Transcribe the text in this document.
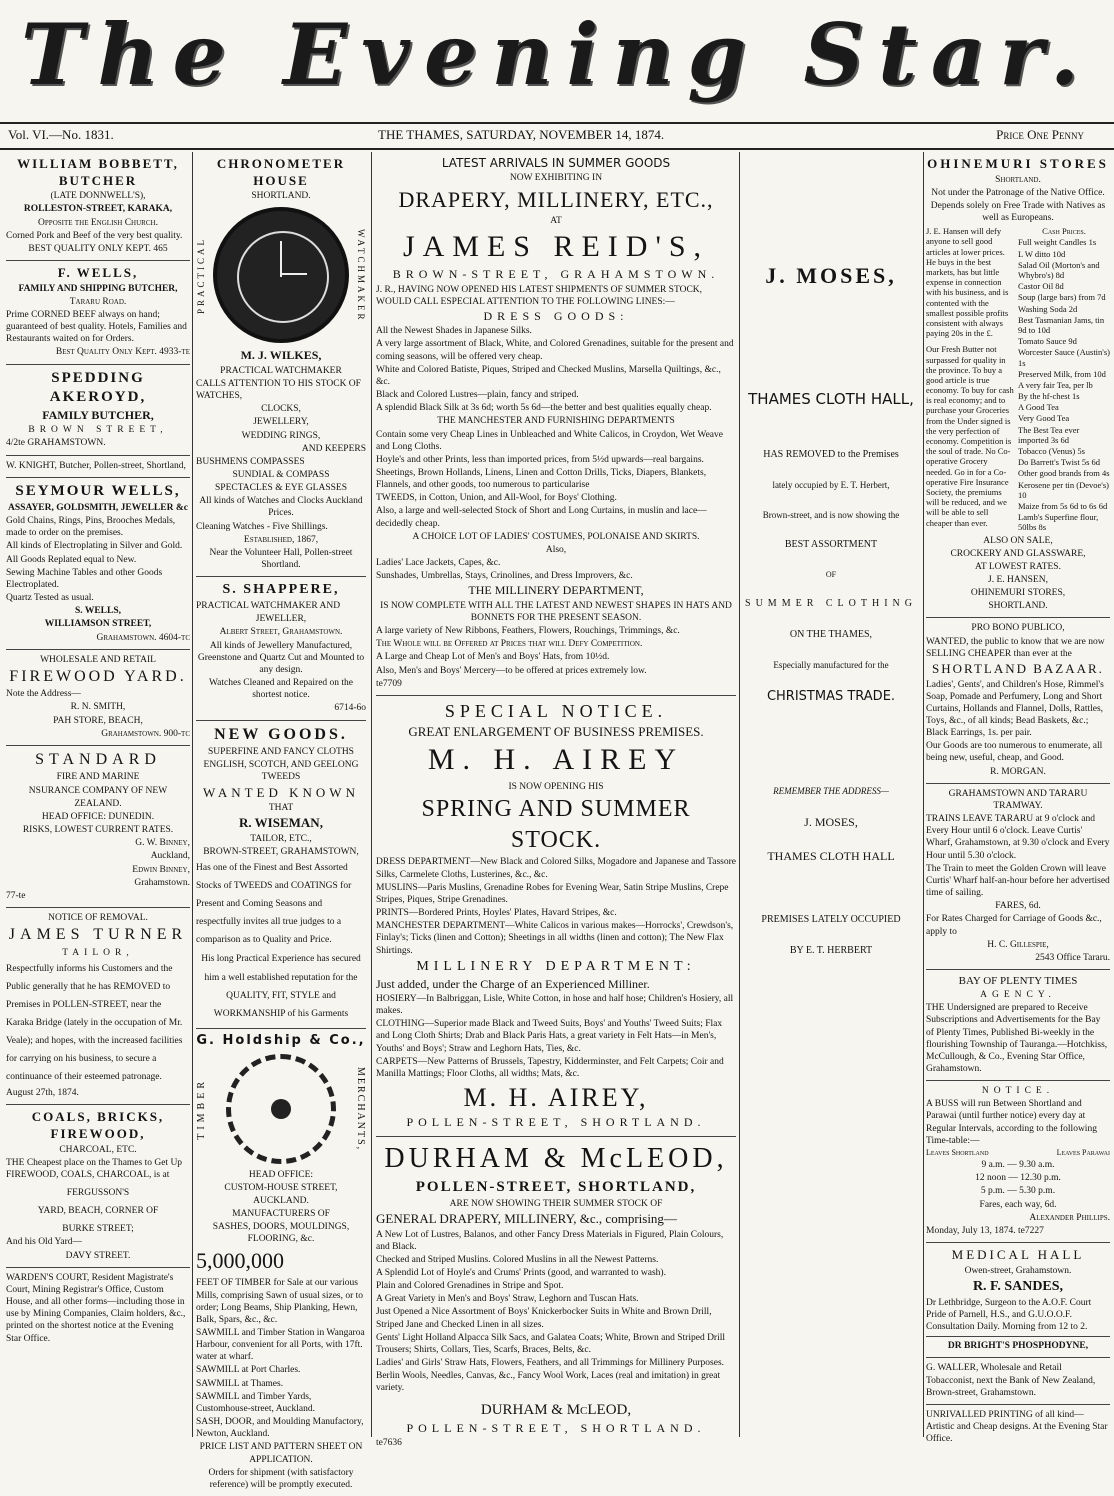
The Evening Star.
Vol. VI.—No. 1831.	THE THAMES, SATURDAY, NOVEMBER 14, 1874.	Price One Penny

WILLIAM BOBBETT, BUTCHER

(LATE DONNWELL'S),

ROLLESTON-STREET, KARAKA,

Opposite the English Church.

Corned Pork and Beef of the very best quality.

BEST QUALITY ONLY KEPT. 465

F. WELLS,

FAMILY AND SHIPPING BUTCHER,

Tararu Road.

Prime CORNED BEEF always on hand; guaranteed of best quality. Hotels, Families and Restaurants waited on for Orders.

Best Quality Only Kept. 4933-te

SPEDDING AKEROYD,

FAMILY BUTCHER,

BROWN STREET,

4/2te GRAHAMSTOWN.

W. KNIGHT, Butcher, Pollen-street, Shortland,

SEYMOUR WELLS,

ASSAYER, GOLDSMITH, JEWELLER &c

Gold Chains, Rings, Pins, Brooches Medals, made to order on the premises.

All kinds of Electroplating in Silver and Gold.

All Goods Replated equal to New.

Sewing Machine Tables and other Goods Electroplated.

Quartz Tested as usual.

S. WELLS,

WILLIAMSON STREET,

Grahamstown. 4604-tc

WHOLESALE AND RETAIL

FIREWOOD YARD.

Note the Address—

R. N. SMITH,

PAH STORE, BEACH,

Grahamstown. 900-tc

STANDARD

FIRE AND MARINE

NSURANCE COMPANY OF NEW

ZEALAND.

HEAD OFFICE: DUNEDIN.

RISKS, LOWEST CURRENT RATES.

G. W. Binney,

Auckland,

Edwin Binney,

Grahamstown.

77-te

NOTICE OF REMOVAL.

JAMES TURNER

TAILOR,

Respectfully informs his Customers and the Public generally that he has REMOVED to Premises in POLLEN-STREET, near the Karaka Bridge (lately in the occupation of Mr. Veale); and hopes, with the increased facilities for carrying on his business, to secure a continuance of their esteemed patronage.

August 27th, 1874.

COALS, BRICKS, FIREWOOD,

CHARCOAL, ETC.

THE Cheapest place on the Thames to Get Up FIREWOOD, COALS, CHARCOAL, is at

FERGUSSON'S

YARD, BEACH, CORNER OF

BURKE STREET;

And his Old Yard—

DAVY STREET.

WARDEN'S COURT, Resident Magistrate's Court, Mining Registrar's Office, Custom House, and all other forms—including those in use by Mining Companies, Claim holders, &c., printed on the shortest notice at the Evening Star Office.

CHRONOMETER HOUSE

SHORTLAND.

PRACTICAL	WATCHMAKER

M. J. WILKES,

PRACTICAL WATCHMAKER

CALLS ATTENTION TO HIS STOCK OF WATCHES,

CLOCKS,

JEWELLERY,

WEDDING RINGS,

AND KEEPERS

BUSHMENS COMPASSES

SUNDIAL & COMPASS

SPECTACLES & EYE GLASSES

All kinds of Watches and Clocks Auckland Prices.

Cleaning Watches - Five Shillings.

Established, 1867,

Near the Volunteer Hall, Pollen-street Shortland.

S. SHAPPERE,

PRACTICAL WATCHMAKER AND

JEWELLER,

Albert Street, Grahamstown.

All kinds of Jewellery Manufactured, Greenstone and Quartz Cut and Mounted to any design.

Watches Cleaned and Repaired on the shortest notice.

6714-6o

NEW GOODS.

SUPERFINE AND FANCY CLOTHS

ENGLISH, SCOTCH, AND GEELONG TWEEDS

WANTED KNOWN

THAT

R. WISEMAN,

TAILOR, ETC.,

BROWN-STREET, GRAHAMSTOWN,

Has one of the Finest and Best Assorted Stocks of TWEEDS and COATINGS for Present and Coming Seasons and respectfully invites all true judges to a comparison as to Quality and Price.

His long Practical Experience has secured him a well established reputation for the QUALITY, FIT, STYLE and WORKMANSHIP of his Garments

G. Holdship & Co.,

TIMBER	MERCHANTS,

HEAD OFFICE:

CUSTOM-HOUSE STREET, AUCKLAND.

MANUFACTURERS OF

SASHES, DOORS, MOULDINGS, FLOORING, &c.

5,000,000

FEET OF TIMBER for Sale at our various Mills, comprising Sawn of usual sizes, or to order; Long Beams, Ship Planking, Hewn, Balk, Spars, &c., &c.

SAWMILL and Timber Station in Wangaroa Harbour, convenient for all Ports, with 17ft. water at wharf.

SAWMILL at Port Charles.

SAWMILL at Thames.

SAWMILL and Timber Yards, Customhouse-street, Auckland.

SASH, DOOR, and Moulding Manufactory, Newton, Auckland.

PRICE LIST AND PATTERN SHEET ON APPLICATION.

Orders for shipment (with satisfactory reference) will be promptly executed.

LATEST ARRIVALS IN SUMMER GOODS

NOW EXHIBITING IN

DRAPERY, MILLINERY, ETC.,

AT

JAMES REID'S,

BROWN-STREET, GRAHAMSTOWN.

J. R., HAVING NOW OPENED HIS LATEST SHIPMENTS OF SUMMER STOCK, WOULD CALL ESPECIAL ATTENTION TO THE FOLLOWING LINES:—

DRESS GOODS:

All the Newest Shades in Japanese Silks.

A very large assortment of Black, White, and Colored Grenadines, suitable for the present and coming seasons, will be offered very cheap.

White and Colored Batiste, Piques, Striped and Checked Muslins, Marsella Quiltings, &c., &c.

Black and Colored Lustres—plain, fancy and striped.

A splendid Black Silk at 3s 6d; worth 5s 6d—the better and best qualities equally cheap.

THE MANCHESTER AND FURNISHING DEPARTMENTS

Contain some very Cheap Lines in Unbleached and White Calicos, in Croydon, Wet Weave and Long Cloths.

Hoyle's and other Prints, less than imported prices, from 5½d upwards—real bargains.

Sheetings, Brown Hollands, Linens, Linen and Cotton Drills, Ticks, Diapers, Blankets, Flannels, and other goods, too numerous to particularise

TWEEDS, in Cotton, Union, and All-Wool, for Boys' Clothing.

Also, a large and well-selected Stock of Short and Long Curtains, in muslin and lace—decidedly cheap.

A CHOICE LOT OF LADIES' COSTUMES, POLONAISE AND SKIRTS.

Also,

Ladies' Lace Jackets, Capes, &c.

Sunshades, Umbrellas, Stays, Crinolines, and Dress Improvers, &c.

THE MILLINERY DEPARTMENT,

IS NOW COMPLETE WITH ALL THE LATEST AND NEWEST SHAPES IN HATS AND BONNETS FOR THE PRESENT SEASON.

A large variety of New Ribbons, Feathers, Flowers, Rouchings, Trimmings, &c.

The Whole will be Offered at Prices that will Defy Competition.

A Large and Cheap Lot of Men's and Boys' Hats, from 10½d.

Also, Men's and Boys' Mercery—to be offered at prices extremely low.

te7709

SPECIAL NOTICE.

GREAT ENLARGEMENT OF BUSINESS PREMISES.

M. H. AIREY

IS NOW OPENING HIS

SPRING AND SUMMER STOCK.

DRESS DEPARTMENT—New Black and Colored Silks, Mogadore and Japanese and Tassore Silks, Carmelete Cloths, Lusterines, &c., &c.

MUSLINS—Paris Muslins, Grenadine Robes for Evening Wear, Satin Stripe Muslins, Crepe Stripes, Piques, Stripe Grenadines.

PRINTS—Bordered Prints, Hoyles' Plates, Havard Stripes, &c.

MANCHESTER DEPARTMENT—White Calicos in various makes—Horrocks', Crewdson's, Finlay's; Ticks (linen and Cotton); Sheetings in all widths (linen and cotton); The New Flax Shirtings.

MILLINERY DEPARTMENT:

Just added, under the Charge of an Experienced Milliner.

HOSIERY—In Balbriggan, Lisle, White Cotton, in hose and half hose; Children's Hosiery, all makes.

CLOTHING—Superior made Black and Tweed Suits, Boys' and Youths' Tweed Suits; Flax and Long Cloth Shirts; Drab and Black Paris Hats, a great variety in Felt Hats—in Men's, Youths' and Boys'; Straw and Leghorn Hats, Ties, &c.

CARPETS—New Patterns of Brussels, Tapestry, Kidderminster, and Felt Carpets; Coir and Manilla Mattings; Floor Cloths, all widths; Mats, &c.

M. H. AIREY,

POLLEN-STREET, SHORTLAND.

DURHAM & McLEOD,

POLLEN-STREET, SHORTLAND,

ARE NOW SHOWING THEIR SUMMER STOCK OF

GENERAL DRAPERY, MILLINERY, &c., comprising—

A New Lot of Lustres, Balanos, and other Fancy Dress Materials in Figured, Plain Colours, and Black.

Checked and Striped Muslins. Colored Muslins in all the Newest Patterns.

A Splendid Lot of Hoyle's and Crums' Prints (good, and warranted to wash).

Plain and Colored Grenadines in Stripe and Spot.

A Great Variety in Men's and Boys' Straw, Leghorn and Tuscan Hats.

Just Opened a Nice Assortment of Boys' Knickerbocker Suits in White and Brown Drill, Striped Jane and Checked Linen in all sizes.

Gents' Light Holland Alpacca Silk Sacs, and Galatea Coats; White, Brown and Striped Drill Trousers; Shirts, Collars, Ties, Scarfs, Braces, Belts, &c.

Ladies' and Girls' Straw Hats, Flowers, Feathers, and all Trimmings for Millinery Purposes.

Berlin Wools, Needles, Canvas, &c., Fancy Wool Work, Laces (real and imitation) in great variety.

DURHAM & McLEOD,

POLLEN-STREET, SHORTLAND.

te7636

J. MOSES,

THAMES CLOTH HALL,

HAS REMOVED to the Premises

lately occupied by E. T. Herbert,

Brown-street, and is now showing the

BEST ASSORTMENT

OF

SUMMER CLOTHING

ON THE THAMES,

Especially manufactured for the

CHRISTMAS TRADE.

REMEMBER THE ADDRESS—

J. MOSES,

THAMES CLOTH HALL

PREMISES LATELY OCCUPIED

BY E. T. HERBERT

OHINEMURI STORES

Shortland.

Not under the Patronage of the Native Office.

Depends solely on Free Trade with Natives as well as Europeans.

J. E. Hansen will defy anyone to sell good articles at lower prices. He buys in the best markets, has but little expense in connection with his business, and is contented with the smallest possible profits consistent with always paying 20s in the £.

Our Fresh Butter not surpassed for quality in the province. To buy a good article is true economy. To buy for cash is real economy; and to purchase your Groceries from the Under signed is the very perfection of economy. Competition is the soul of trade. No Co-operative Grocery needed. Go in for a Co-operative Fire Insurance Society, the premiums will be reduced, and we will be able to sell cheaper than ever.

Cash Prices.

Full weight Candles 1s

L W ditto 10d

Salad Oil (Morton's and Whybro's) 8d

Castor Oil 8d

Soup (large bars) from 7d

Washing Soda 2d

Best Tasmanian Jams, tin 9d to 10d

Tomato Sauce 9d

Worcester Sauce (Austin's) 1s

Preserved Milk, from 10d

A very fair Tea, per lb

By the hf-chest 1s

A Good Tea

Very Good Tea

The Best Tea ever imported 3s 6d

Tobacco (Venus) 5s

Do Barrett's Twist 5s 6d

Other good brands from 4s

Kerosene per tin (Devoe's) 10

Maize from 5s 6d to 6s 6d

Lamb's Superfine flour, 50lbs 8s

ALSO ON SALE,

CROCKERY AND GLASSWARE,

AT LOWEST RATES.

J. E. HANSEN,

OHINEMURI STORES,

SHORTLAND.

PRO BONO PUBLICO,

WANTED, the public to know that we are now SELLING CHEAPER than ever at the

SHORTLAND BAZAAR.

Ladies', Gents', and Children's Hose, Rimmel's Soap, Pomade and Perfumery, Long and Short Curtains, Hollands and Flannel, Dolls, Rattles, Toys, &c., of all kinds; Bead Baskets, &c.; Black Earrings, 1s. per pair.

Our Goods are too numerous to enumerate, all being new, useful, cheap, and Good.

R. MORGAN.

GRAHAMSTOWN AND TARARU TRAMWAY.

TRAINS LEAVE TARARU at 9 o'clock and Every Hour until 6 o'clock. Leave Curtis' Wharf, Grahamstown, at 9.30 o'clock and Every Hour until 5.30 o'clock.

The Train to meet the Golden Crown will leave Curtis' Wharf half-an-hour before her advertised time of sailing.

FARES, 6d.

For Rates Charged for Carriage of Goods &c., apply to

H. C. Gillespie,

2543 Office Tararu.

BAY OF PLENTY TIMES

AGENCY.

THE Undersigned are prepared to Receive Subscriptions and Advertisements for the Bay of Plenty Times, Published Bi-weekly in the flourishing Township of Tauranga.—Hotchkiss, McCullough, & Co., Evening Star Office, Grahamstown.

NOTICE.

A BUSS will run Between Shortland and Parawai (until further notice) every day at Regular Intervals, according to the following Time-table:—

Leaves Shortland	Leaves Parawai

9 a.m. — 9.30 a.m.

12 noon — 12.30 p.m.

5 p.m. — 5.30 p.m.

Fares, each way, 6d.

Alexander Phillips.

Monday, July 13, 1874. te7227

MEDICAL HALL

Owen-street, Grahamstown.

R. F. SANDES,

Dr Lethbridge, Surgeon to the A.O.F. Court Pride of Parnell, H.S., and G.U.O.O.F. Consultation Daily. Morning from 12 to 2.

DR BRIGHT'S PHOSPHODYNE,

G. WALLER, Wholesale and Retail Tobacconist, next the Bank of New Zealand, Brown-street, Grahamstown.

UNRIVALLED PRINTING of all kind—Artistic and Cheap designs. At the Evening Star Office.
